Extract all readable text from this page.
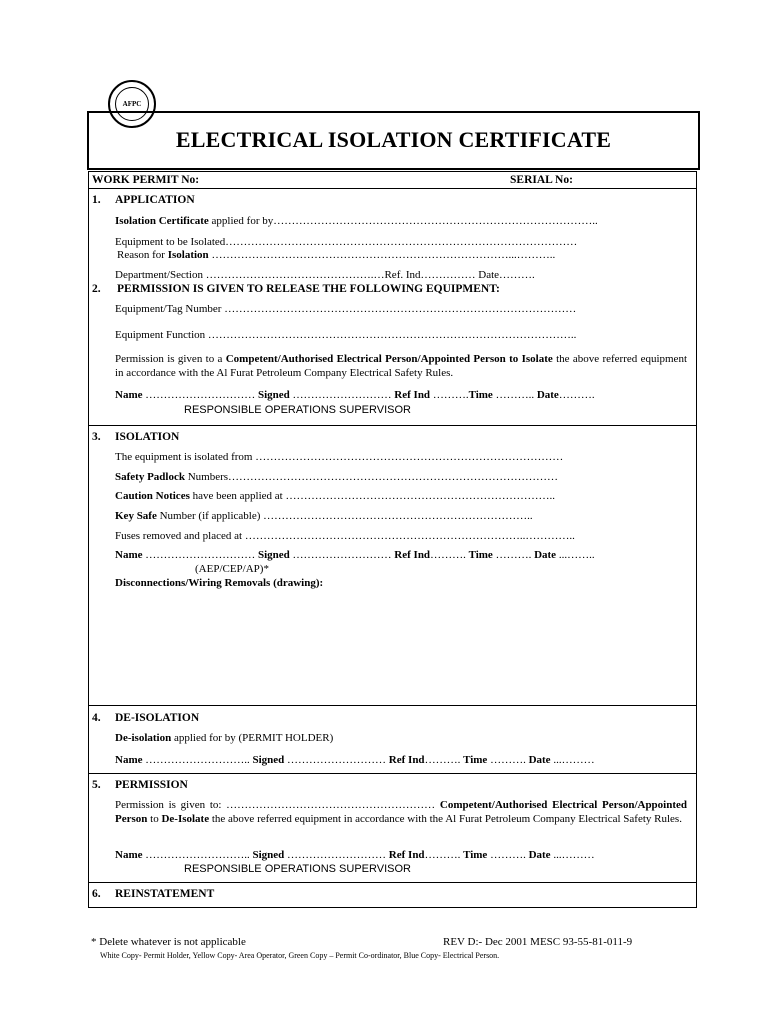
AFPC
ELECTRICAL ISOLATION CERTIFICATE
WORK PERMIT No:	SERIAL No:
1. APPLICATION
Isolation Certificate applied for by……………………………………………………………………………..
Equipment to be Isolated……………………………………………………………………………………
Reason for Isolation ………………………………………………………………………...………..
Department/Section ……………………………………….…Ref. Ind…………… Date……….
2. PERMISSION IS GIVEN TO RELEASE THE FOLLOWING EQUIPMENT:
Equipment/Tag Number ……………………………………………………………………………………
Equipment Function ………………………………………………………………………………………..
Permission is given to a Competent/Authorised Electrical Person/Appointed Person to Isolate the above referred equipment in accordance with the Al Furat Petroleum Company Electrical Safety Rules.
Name ………………………… Signed ……………………… Ref Ind ……….Time ……….. Date……….
RESPONSIBLE OPERATIONS SUPERVISOR
3. ISOLATION
The equipment is isolated from …………………………………………………………………………
Safety Padlock Numbers………………………………………………………………………………
Caution Notices have been applied at ………………………………………………………………..
Key Safe Number (if applicable) ………………………………………………………………..
Fuses removed and placed at …………………………………………………………………..…………..
Name ………………………… Signed ……………………… Ref Ind………. Time ………. Date ...……..
(AEP/CEP/AP)*
Disconnections/Wiring Removals (drawing):
4. DE-ISOLATION
De-isolation applied for by (PERMIT HOLDER)
Name ……………………….. Signed ……………………… Ref Ind………. Time ………. Date ...………
5. PERMISSION
Permission is given to: ………………………………………………… Competent/Authorised Electrical Person/Appointed Person to De-Isolate the above referred equipment in accordance with the Al Furat Petroleum Company Electrical Safety Rules.
Name ……………………….. Signed ……………………… Ref Ind………. Time ………. Date ...………
RESPONSIBLE OPERATIONS SUPERVISOR
6. REINSTATEMENT
* Delete whatever is not applicable	REV D:- Dec 2001 MESC 93-55-81-011-9
White Copy- Permit Holder, Yellow Copy- Area Operator, Green Copy – Permit Co-ordinator, Blue Copy- Electrical Person.
